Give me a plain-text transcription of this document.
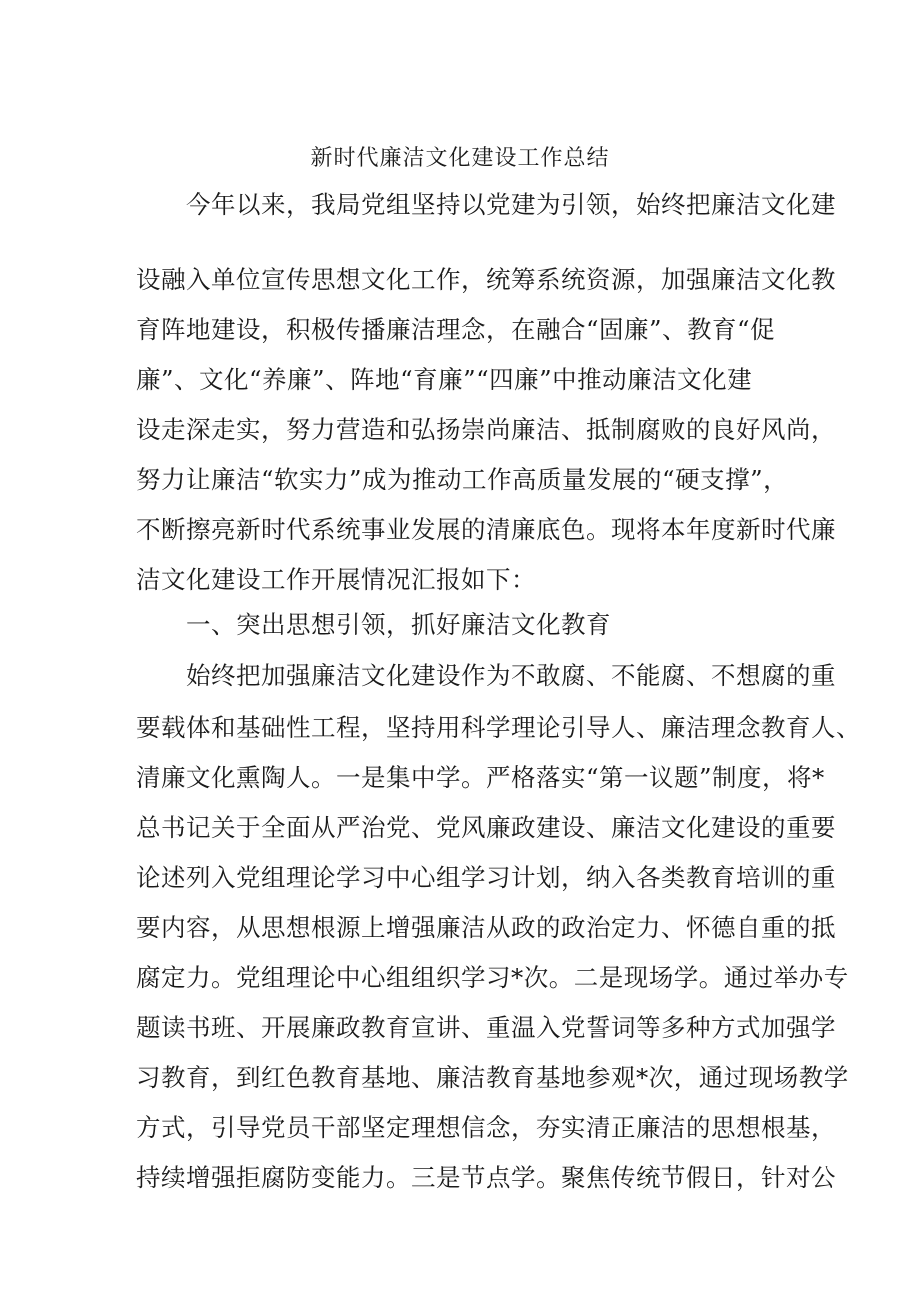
新时代廉洁文化建设工作总结
今年以来，我局党组坚持以党建为引领，始终把廉洁文化建
设融入单位宣传思想文化工作，统筹系统资源，加强廉洁文化教
育阵地建设，积极传播廉洁理念，在融合“固廉”、教育“促
廉”、文化“养廉”、阵地“育廉”“四廉”中推动廉洁文化建
设走深走实，努力营造和弘扬崇尚廉洁、抵制腐败的良好风尚，
努力让廉洁“软实力”成为推动工作高质量发展的“硬支撑”，
不断擦亮新时代系统事业发展的清廉底色。现将本年度新时代廉
洁文化建设工作开展情况汇报如下：
一、突出思想引领，抓好廉洁文化教育
始终把加强廉洁文化建设作为不敢腐、不能腐、不想腐的重
要载体和基础性工程，坚持用科学理论引导人、廉洁理念教育人、
清廉文化熏陶人。一是集中学。严格落实“第一议题”制度，将*
总书记关于全面从严治党、党风廉政建设、廉洁文化建设的重要
论述列入党组理论学习中心组学习计划，纳入各类教育培训的重
要内容，从思想根源上增强廉洁从政的政治定力、怀德自重的抵
腐定力。党组理论中心组组织学习*次。二是现场学。通过举办专
题读书班、开展廉政教育宣讲、重温入党誓词等多种方式加强学
习教育，到红色教育基地、廉洁教育基地参观*次，通过现场教学
方式，引导党员干部坚定理想信念，夯实清正廉洁的思想根基，
持续增强拒腐防变能力。三是节点学。聚焦传统节假日，针对公
